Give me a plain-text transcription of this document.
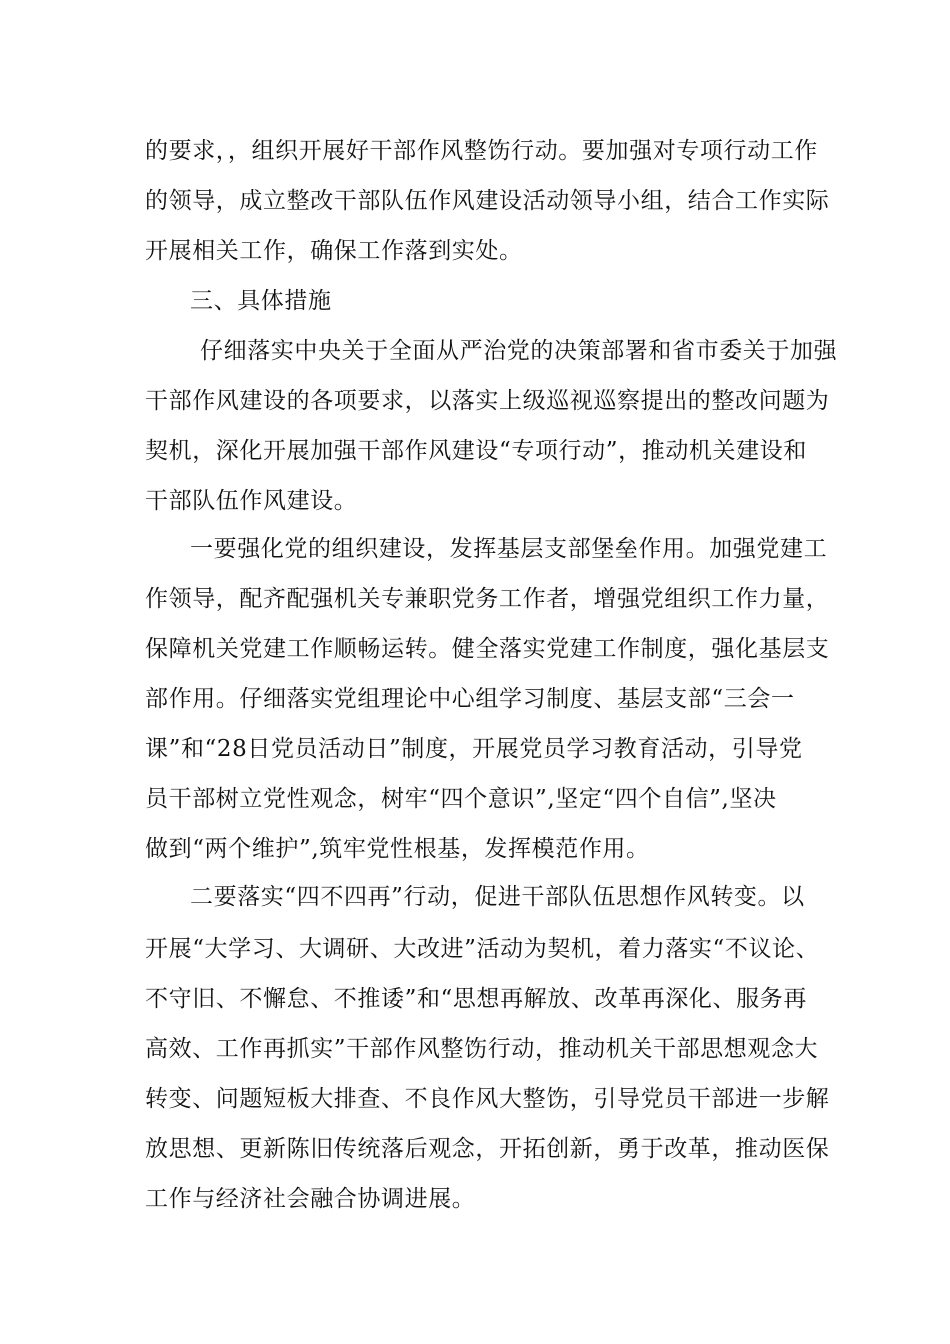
的要求，，组织开展好干部作风整饬行动。要加强对专项行动工作
的领导，成立整改干部队伍作风建设活动领导小组，结合工作实际
开展相关工作，确保工作落到实处。
三、具体措施
仔细落实中央关于全面从严治党的决策部署和省市委关于加强
干部作风建设的各项要求，以落实上级巡视巡察提出的整改问题为
契机，深化开展加强干部作风建设“专项行动”，推动机关建设和
干部队伍作风建设。
一要强化党的组织建设，发挥基层支部堡垒作用。加强党建工
作领导，配齐配强机关专兼职党务工作者，增强党组织工作力量，
保障机关党建工作顺畅运转。健全落实党建工作制度，强化基层支
部作用。仔细落实党组理论中心组学习制度、基层支部“三会一
课”和“28日党员活动日”制度，开展党员学习教育活动，引导党
员干部树立党性观念，树牢“四个意识”,坚定“四个自信”,坚决
做到“两个维护”,筑牢党性根基，发挥模范作用。
二要落实“四不四再”行动，促进干部队伍思想作风转变。以
开展“大学习、大调研、大改进”活动为契机，着力落实“不议论、
不守旧、不懈怠、不推诿”和“思想再解放、改革再深化、服务再
高效、工作再抓实”干部作风整饬行动，推动机关干部思想观念大
转变、问题短板大排查、不良作风大整饬，引导党员干部进一步解
放思想、更新陈旧传统落后观念，开拓创新，勇于改革，推动医保
工作与经济社会融合协调进展。
